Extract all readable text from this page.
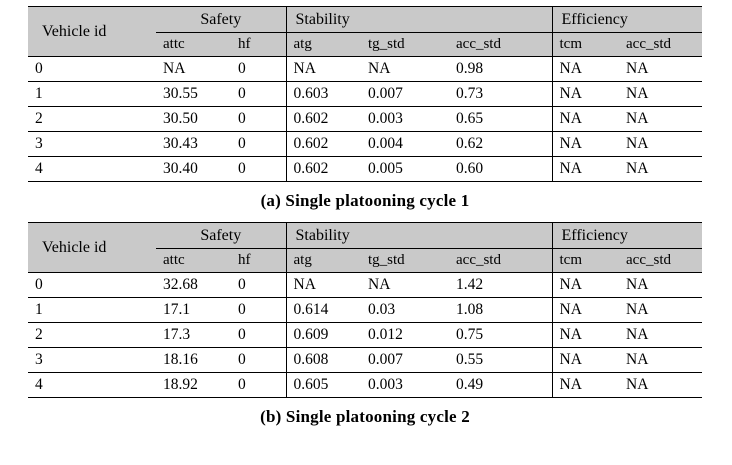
Vehicle id	Safety		Stability			Efficiency	
	attc	hf	atg	tg_std	acc_std	tcm	acc_std
0	NA	0	NA	NA	0.98	NA	NA
1	30.55	0	0.603	0.007	0.73	NA	NA
2	30.50	0	0.602	0.003	0.65	NA	NA
3	30.43	0	0.602	0.004	0.62	NA	NA
4	30.40	0	0.602	0.005	0.60	NA	NA
(a) Single platooning cycle 1
Vehicle id	Safety		Stability			Efficiency	
	attc	hf	atg	tg_std	acc_std	tcm	acc_std
0	32.68	0	NA	NA	1.42	NA	NA
1	17.1	0	0.614	0.03	1.08	NA	NA
2	17.3	0	0.609	0.012	0.75	NA	NA
3	18.16	0	0.608	0.007	0.55	NA	NA
4	18.92	0	0.605	0.003	0.49	NA	NA
(b) Single platooning cycle 2
